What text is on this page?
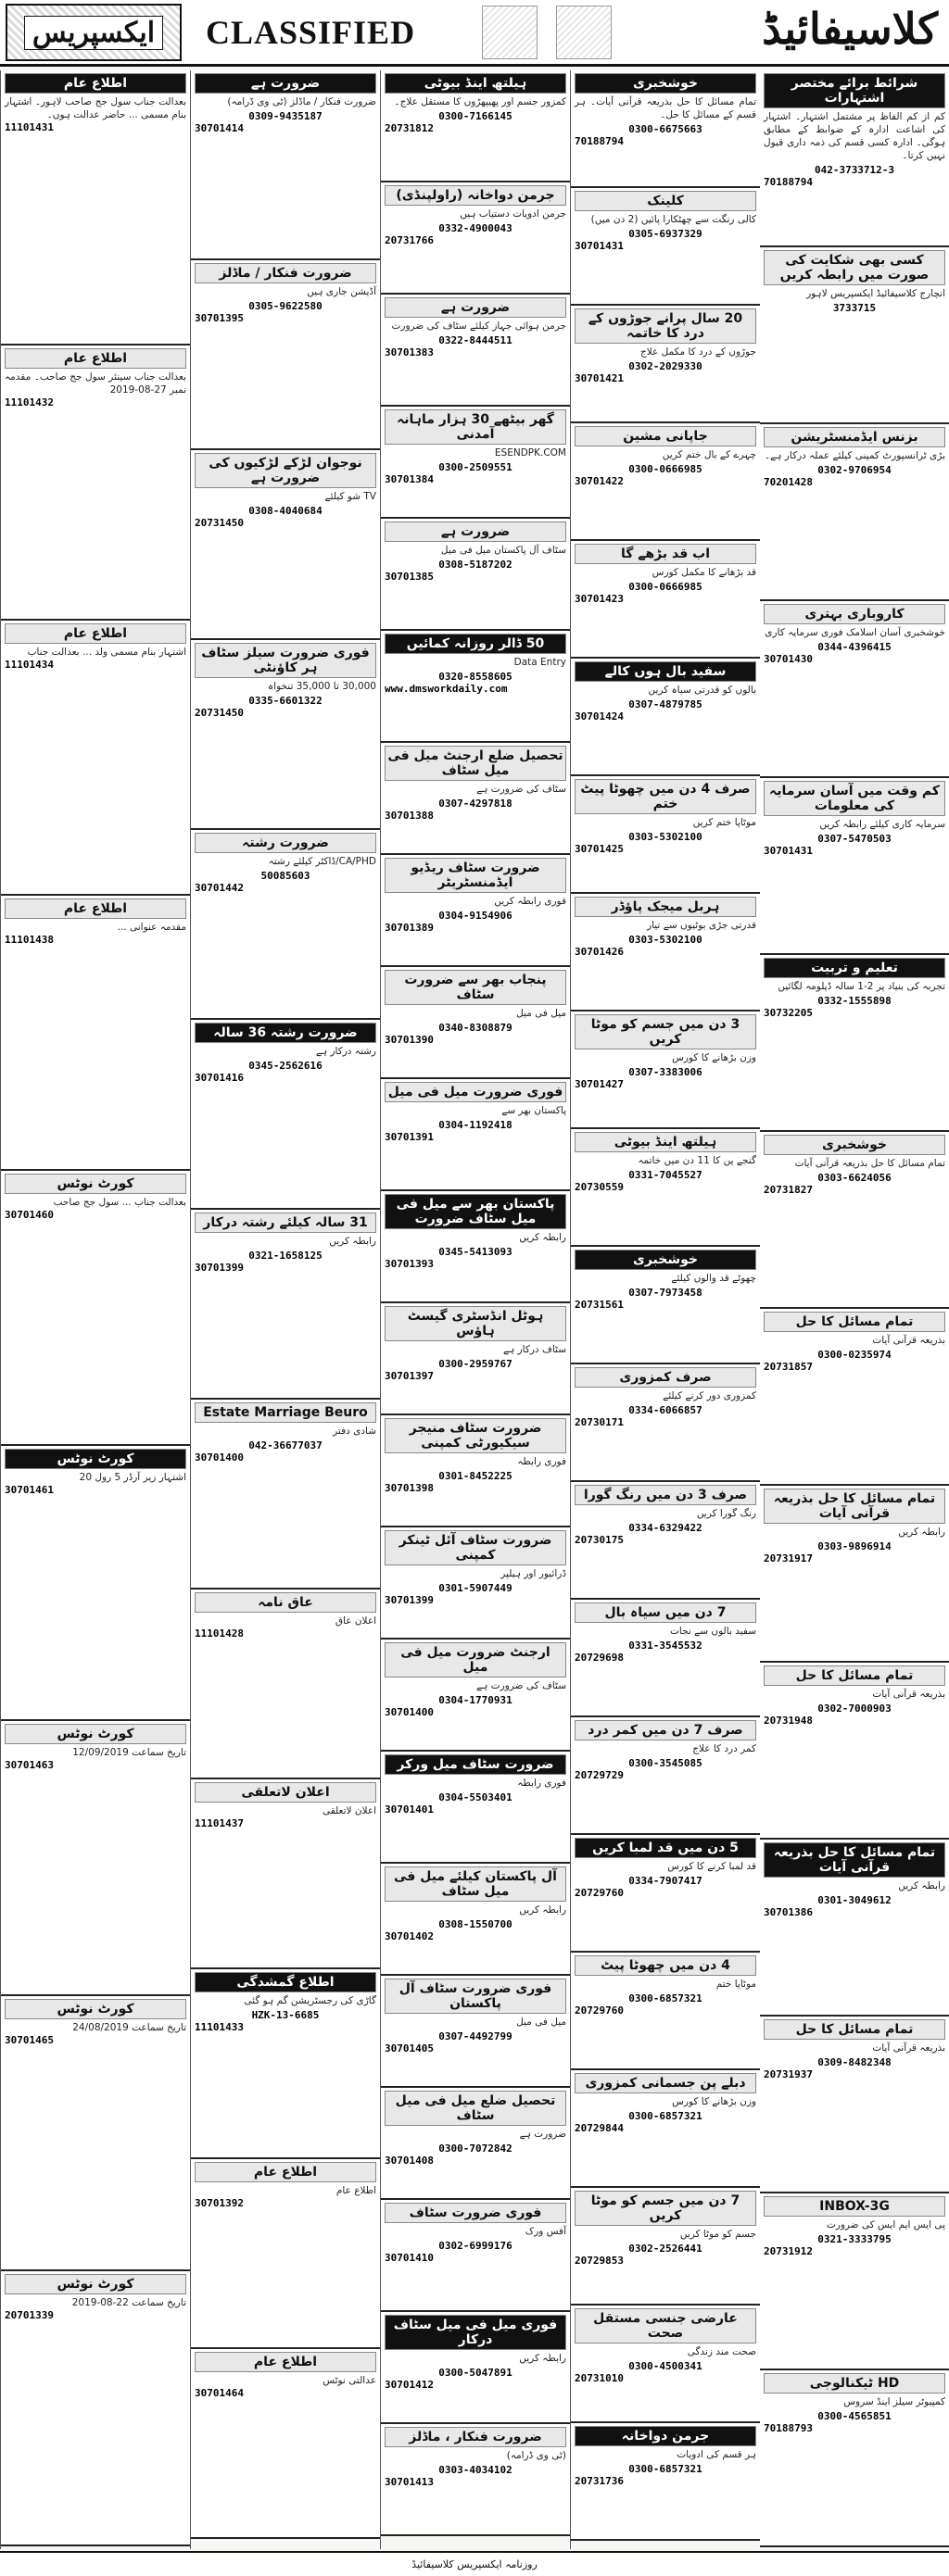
ایکسپریس CLASSIFIED	کلاسیفائیڈ
شرائط برائے مختصر اشتہارات

کم از کم الفاظ پر مشتمل اشتہار۔ اشتہار کی اشاعت ادارہ کے ضوابط کے مطابق ہوگی۔ ادارہ کسی قسم کی ذمہ داری قبول نہیں کرتا۔

042-3733712-3
70188794
کسی بھی شکایت کی صورت میں رابطہ کریں

انچارج کلاسیفائیڈ ایکسپریس لاہور

3733715
بزنس ایڈمنسٹریشن

بڑی ٹرانسپورٹ کمپنی کیلئے عملہ درکار ہے۔

0302-9706954
70201428
کاروباری بہتری

خوشخبری آسان اسلامک فوری سرمایہ کاری

0344-4396415
30701430
کم وقت میں آسان سرمایہ کی معلومات

سرمایہ کاری کیلئے رابطہ کریں

0307-5470503
30701431
تعلیم و تربیت

تجربہ کی بنیاد پر 2-1 سالہ ڈپلومہ لگائیں

0332-1555898
30732205
خوشخبری

تمام مسائل کا حل بذریعہ قرآنی آیات

0303-6624056
20731827
تمام مسائل کا حل

بذریعہ قرآنی آیات

0300-0235974
20731857
تمام مسائل کا حل بذریعہ قرآنی آیات

رابطہ کریں

0303-9896914
20731917
تمام مسائل کا حل

بذریعہ قرآنی آیات

0302-7000903
20731948
تمام مسائل کا حل بذریعہ قرآنی آیات

رابطہ کریں

0301-3049612
30701386
تمام مسائل کا حل

بذریعہ قرآنی آیات

0309-8482348
20731937
INBOX-3G

پی ایس ایم ایس کی ضرورت

0321-3333795
20731912
HD ٹیکنالوجی

کمپیوٹر سیلز اینڈ سروس

0300-4565851
70188793
خوشخبری

تمام مسائل کا حل بذریعہ قرآنی آیات۔ ہر قسم کے مسائل کا حل۔

0300-6675663
70188794
کلینک

کالی رنگت سے چھٹکارا پائیں (2 دن میں)

0305-6937329
30701431
20 سال پرانے جوڑوں کے درد کا خاتمہ

جوڑوں کے درد کا مکمل علاج

0302-2029330
30701421
جاپانی مشین

چہرے کے بال ختم کریں

0300-0666985
30701422
اب قد بڑھے گا

قد بڑھانے کا مکمل کورس

0300-0666985
30701423
سفید بال ہوں کالے

بالوں کو قدرتی سیاہ کریں

0307-4879785
30701424
صرف 4 دن میں چھوٹا پیٹ ختم

موٹاپا ختم کریں

0303-5302100
30701425
ہربل میجک پاؤڈر

قدرتی جڑی بوٹیوں سے تیار

0303-5302100
30701426
3 دن میں جسم کو موٹا کریں

وزن بڑھانے کا کورس

0307-3383006
30701427
ہیلتھ اینڈ بیوٹی

گنجے پن کا 11 دن میں خاتمہ

0331-7045527
20730559
خوشخبری

چھوٹے قد والوں کیلئے

0307-7973458
20731561
صرف کمزوری

کمزوری دور کرنے کیلئے

0334-6066857
20730171
صرف 3 دن میں رنگ گورا

رنگ گورا کریں

0334-6329422
20730175
7 دن میں سیاہ بال

سفید بالوں سے نجات

0331-3545532
20729698
صرف 7 دن میں کمر درد

کمر درد کا علاج

0300-3545085
20729729
5 دن میں قد لمبا کریں

قد لمبا کرنے کا کورس

0334-7907417
20729760
4 دن میں چھوٹا پیٹ

موٹاپا ختم

0300-6857321
20729760
دبلے پن جسمانی کمزوری

وزن بڑھانے کا کورس

0300-6857321
20729844
7 دن میں جسم کو موٹا کریں

جسم کو موٹا کریں

0302-2526441
20729853
عارضی جنسی مستقل صحت

صحت مند زندگی

0300-4500341
20731010
جرمن دواخانہ

ہر قسم کی ادویات

0300-6857321
20731736
ہیلتھ اینڈ بیوٹی

کمزور جسم اور پھیپھڑوں کا مستقل علاج۔

0300-7166145
20731812
جرمن دواخانہ (راولپنڈی)

جرمن ادویات دستیاب ہیں

0332-4900043
20731766
ضرورت ہے

جرمن ہوائی جہاز کیلئے سٹاف کی ضرورت

0322-8444511
30701383
گھر بیٹھے 30 ہزار ماہانہ آمدنی

ESENDPK.COM

0300-2509551
30701384
ضرورت ہے

سٹاف آل پاکستان میل فی میل

0308-5187202
30701385
50 ڈالر روزانہ کمائیں

Data Entry

0320-8558605
www.dmsworkdaily.com
تحصیل ضلع ارجنٹ میل فی میل سٹاف

سٹاف کی ضرورت ہے

0307-4297818
30701388
ضرورت سٹاف ریڈیو ایڈمنسٹریٹر

فوری رابطہ کریں

0304-9154906
30701389
پنجاب بھر سے ضرورت سٹاف

میل فی میل

0340-8308879
30701390
فوری ضرورت میل فی میل

پاکستان بھر سے

0304-1192418
30701391
پاکستان بھر سے میل فی میل سٹاف ضرورت

رابطہ کریں

0345-5413093
30701393
ہوٹل انڈسٹری گیسٹ ہاؤس

سٹاف درکار ہے

0300-2959767
30701397
ضرورت سٹاف منیجر سیکیورٹی کمپنی

فوری رابطہ

0301-8452225
30701398
ضرورت سٹاف آئل ٹینکر کمپنی

ڈرائیور اور ہیلپر

0301-5907449
30701399
ارجنٹ ضرورت میل فی میل

سٹاف کی ضرورت ہے

0304-1770931
30701400
ضرورت سٹاف میل ورکر

فوری رابطہ

0304-5503401
30701401
آل پاکستان کیلئے میل فی میل سٹاف

رابطہ کریں

0308-1550700
30701402
فوری ضرورت سٹاف آل پاکستان

میل فی میل

0307-4492799
30701405
تحصیل ضلع میل فی میل سٹاف

ضرورت ہے

0300-7072842
30701408
فوری ضرورت سٹاف

آفس ورک

0302-6999176
30701410
فوری میل فی میل سٹاف درکار

رابطہ کریں

0300-5047891
30701412
ضرورت فنکار ، ماڈلز

(ٹی وی ڈرامہ)

0303-4034102
30701413
ضرورت ہے

ضرورت فنکار / ماڈلز (ٹی وی ڈرامہ)

0309-9435187
30701414
ضرورت فنکار / ماڈلز

آڈیشن جاری ہیں

0305-9622580
30701395
نوجوان لڑکے لڑکیوں کی ضرورت ہے

TV شو کیلئے

0308-4040684
20731450
فوری ضرورت سیلز سٹاف ہر کاؤنٹی

30,000 تا 35,000 تنخواہ

0335-6601322
20731450
ضرورت رشتہ

CA/PHD/ڈاکٹر کیلئے رشتہ

50085603
30701442
ضرورت رشتہ 36 سالہ

رشتہ درکار ہے

0345-2562616
30701416
31 سالہ کیلئے رشتہ درکار

رابطہ کریں

0321-1658125
30701399
Estate Marriage Beuro

شادی دفتر

042-36677037
30701400
عاق نامہ

اعلان عاق

11101428
اعلان لاتعلقی

اعلان لاتعلقی

11101437
اطلاع گمشدگی

گاڑی کی رجسٹریشن گم ہو گئی

HZK-13-6685
11101433
اطلاع عام

اطلاع عام

30701392
اطلاع عام

عدالتی نوٹس

30701464
اطلاع عام

بعدالت جناب سول جج صاحب لاہور۔ اشتہار بنام مسمی ... حاضر عدالت ہوں۔

11101431
اطلاع عام

بعدالت جناب سینئر سول جج صاحب۔ مقدمہ نمبر 27-08-2019

11101432
اطلاع عام

اشتہار بنام مسمی ولد ... بعدالت جناب

11101434
اطلاع عام

مقدمہ عنوانی ...

11101438
کورٹ نوٹس

بعدالت جناب ... سول جج صاحب

30701460
کورٹ نوٹس

اشتہار زیر آرڈر 5 رول 20

30701461
کورٹ نوٹس

تاریخ سماعت 12/09/2019

30701463
کورٹ نوٹس

تاریخ سماعت 24/08/2019

30701465
کورٹ نوٹس

تاریخ سماعت 22-08-2019

20701339
روزنامہ ایکسپریس کلاسیفائیڈ
